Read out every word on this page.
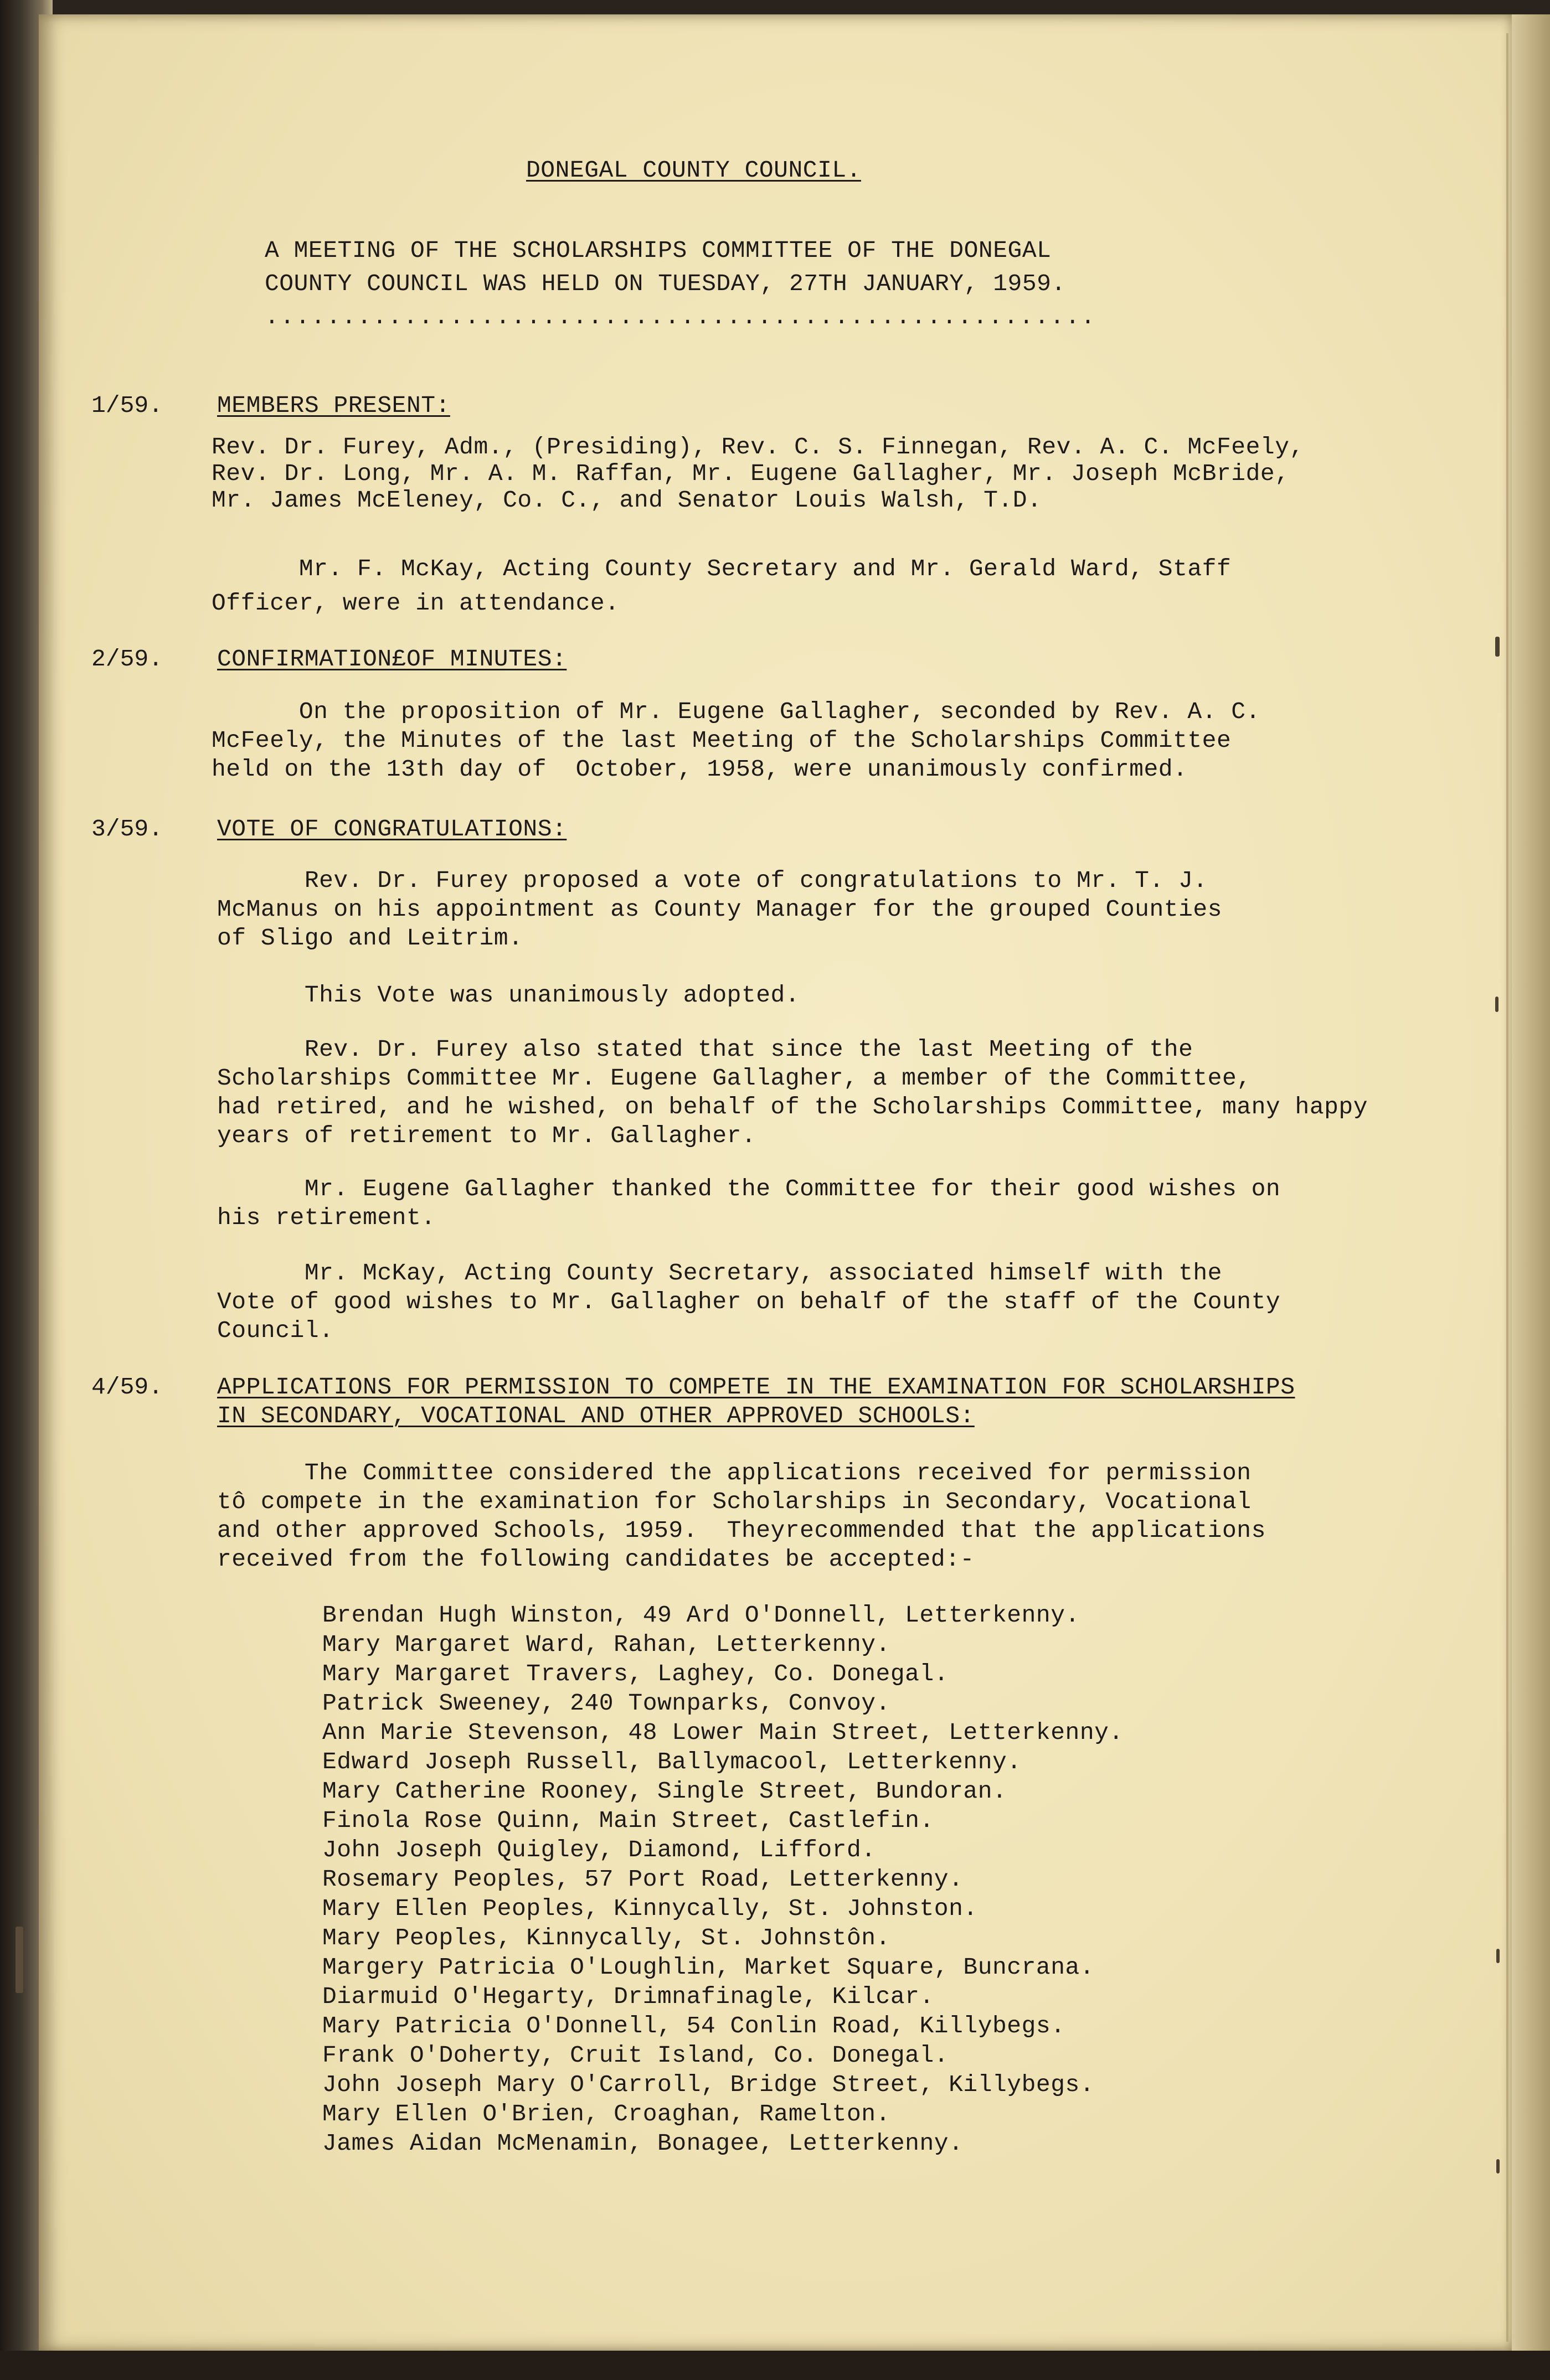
DONEGAL COUNTY COUNCIL.
A MEETING OF THE SCHOLARSHIPS COMMITTEE OF THE DONEGAL
COUNTY COUNCIL WAS HELD ON TUESDAY, 27TH JANUARY, 1959.
......................................................
1/59. MEMBERS PRESENT:
Rev. Dr. Furey, Adm., (Presiding), Rev. C. S. Finnegan, Rev. A. C. McFeely,
Rev. Dr. Long, Mr. A. M. Raffan, Mr. Eugene Gallagher, Mr. Joseph McBride,
Mr. James McEleney, Co. C., and Senator Louis Walsh, T.D.
Mr. F. McKay, Acting County Secretary and Mr. Gerald Ward, Staff
Officer, were in attendance.
2/59. CONFIRMATION£OF MINUTES:
On the proposition of Mr. Eugene Gallagher, seconded by Rev. A. C.
McFeely, the Minutes of the last Meeting of the Scholarships Committee
held on the 13th day of  October, 1958, were unanimously confirmed.
3/59. VOTE OF CONGRATULATIONS:
Rev. Dr. Furey proposed a vote of congratulations to Mr. T. J.
McManus on his appointment as County Manager for the grouped Counties
of Sligo and Leitrim.
This Vote was unanimously adopted.
Rev. Dr. Furey also stated that since the last Meeting of the
Scholarships Committee Mr. Eugene Gallagher, a member of the Committee,
had retired, and he wished, on behalf of the Scholarships Committee, many happy
years of retirement to Mr. Gallagher.
Mr. Eugene Gallagher thanked the Committee for their good wishes on
his retirement.
Mr. McKay, Acting County Secretary, associated himself with the
Vote of good wishes to Mr. Gallagher on behalf of the staff of the County
Council.
4/59. APPLICATIONS FOR PERMISSION TO COMPETE IN THE EXAMINATION FOR SCHOLARSHIPS
IN SECONDARY, VOCATIONAL AND OTHER APPROVED SCHOOLS:
The Committee considered the applications received for permission
tô compete in the examination for Scholarships in Secondary, Vocational
and other approved Schools, 1959.  Theyrecommended that the applications
received from the following candidates be accepted:-
Brendan Hugh Winston, 49 Ard O'Donnell, Letterkenny.
Mary Margaret Ward, Rahan, Letterkenny.
Mary Margaret Travers, Laghey, Co. Donegal.
Patrick Sweeney, 240 Townparks, Convoy.
Ann Marie Stevenson, 48 Lower Main Street, Letterkenny.
Edward Joseph Russell, Ballymacool, Letterkenny.
Mary Catherine Rooney, Single Street, Bundoran.
Finola Rose Quinn, Main Street, Castlefin.
John Joseph Quigley, Diamond, Lifford.
Rosemary Peoples, 57 Port Road, Letterkenny.
Mary Ellen Peoples, Kinnycally, St. Johnston.
Mary Peoples, Kinnycally, St. Johnstôn.
Margery Patricia O'Loughlin, Market Square, Buncrana.
Diarmuid O'Hegarty, Drimnafinagle, Kilcar.
Mary Patricia O'Donnell, 54 Conlin Road, Killybegs.
Frank O'Doherty, Cruit Island, Co. Donegal.
John Joseph Mary O'Carroll, Bridge Street, Killybegs.
Mary Ellen O'Brien, Croaghan, Ramelton.
James Aidan McMenamin, Bonagee, Letterkenny.
